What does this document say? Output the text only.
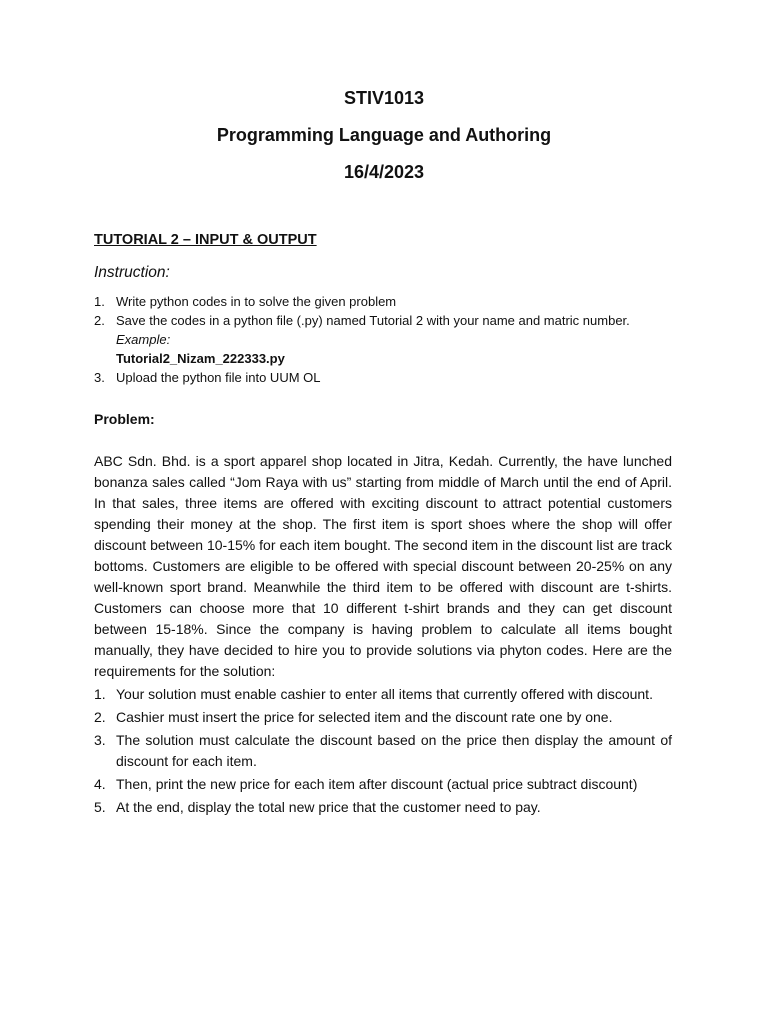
STIV1013
Programming Language and Authoring
16/4/2023
TUTORIAL 2 – INPUT & OUTPUT
Instruction:
1. Write python codes in to solve the given problem
2. Save the codes in a python file (.py) named Tutorial 2 with your name and matric number.
Example:
Tutorial2_Nizam_222333.py
3. Upload the python file into UUM OL
Problem:

ABC Sdn. Bhd. is a sport apparel shop located in Jitra, Kedah. Currently, the have lunched bonanza sales called “Jom Raya with us” starting from middle of March until the end of April. In that sales, three items are offered with exciting discount to attract potential customers spending their money at the shop. The first item is sport shoes where the shop will offer discount between 10-15% for each item bought. The second item in the discount list are track bottoms. Customers are eligible to be offered with special discount between 20-25% on any well-known sport brand. Meanwhile the third item to be offered with discount are t-shirts. Customers can choose more that 10 different t-shirt brands and they can get discount between 15-18%. Since the company is having problem to calculate all items bought manually, they have decided to hire you to provide solutions via phyton codes. Here are the requirements for the solution:

1. Your solution must enable cashier to enter all items that currently offered with discount.
2. Cashier must insert the price for selected item and the discount rate one by one.
3. The solution must calculate the discount based on the price then display the amount of discount for each item.
4. Then, print the new price for each item after discount (actual price subtract discount)
5. At the end, display the total new price that the customer need to pay.
